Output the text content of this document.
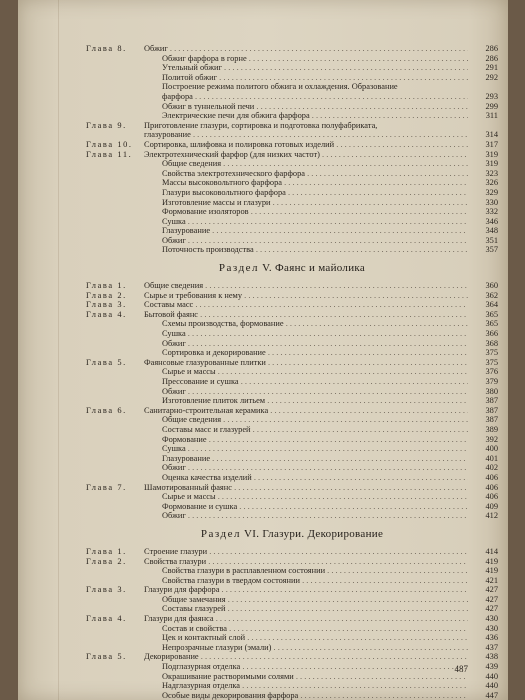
Глава 8.	Обжиг . . .	286
Обжиг фарфора в горне . . .	286
Утельный обжиг . . .	291
Политой обжиг . . .	292
Построение режима политого обжига и охлаждения. Образование
фарфора . . .	293
Обжиг в туннельной печи . . .	299
Электрические печи для обжига фарфора . . .	311
Глава 9.	Приготовление глазури, сортировка и подготовка полуфабриката,
глазурование . . .	314
Глава 10.	Сортировка, шлифовка и полировка готовых изделий . . .	317
Глава 11.	Электротехнический фарфор (для низких частот) . . .	319
Общие сведения . . .	319
Свойства электротехнического фарфора . . .	323
Массы высоковольтного фарфора . . .	326
Глазури высоковольтного фарфора . . .	329
Изготовление массы и глазури . . .	330
Формование изоляторов . . .	332
Сушка . . .	346
Глазурование . . .	348
Обжиг . . .	351
Поточность производства . . .	357
Раздел V. Фаянс и майолика
Глава 1.	Общие сведения . . .	360
Глава 2.	Сырье и требования к нему . . .	362
Глава 3.	Составы масс . . .	364
Глава 4.	Бытовой фаянс . . .	365
Схемы производства, формование . . .	365
Сушка . . .	366
Обжиг . . .	368
Сортировка и декорирование . . .	375
Глава 5.	Фаянсовые глазурованные плитки . . .	375
Сырье и массы . . .	376
Прессование и сушка . . .	379
Обжиг . . .	380
Изготовление плиток литьем . . .	387
Глава 6.	Санитарно-строительная керамика . . .	387
Общие сведения . . .	387
Составы масс и глазурей . . .	389
Формование . . .	392
Сушка . . .	400
Глазурование . . .	401
Обжиг . . .	402
Оценка качества изделий . . .	406
Глава 7.	Шамотированный фаянс . . .	406
Сырье и массы . . .	406
Формование и сушка . . .	409
Обжиг . . .	412
Раздел VI. Глазури. Декорирование
Глава 1.	Строение глазури . . .	414
Глава 2.	Свойства глазури . . .	419
Свойства глазури в расплавленном состоянии . . .	419
Свойства глазури в твердом состоянии . . .	421
Глава 3.	Глазури для фарфора . . .	427
Общие замечания . . .	427
Составы глазурей . . .	427
Глава 4.	Глазури для фаянса . . .	430
Состав и свойства . . .	430
Цек и контактный слой . . .	436
Непрозрачные глазури (эмали) . . .	437
Глава 5.	Декорирование . . .	438
Подглазурная отделка . . .	439
Окрашивание растворимыми солями . . .	440
Надглазурная отделка . . .	440
Особые виды декорирования фарфора . . .	447
487
